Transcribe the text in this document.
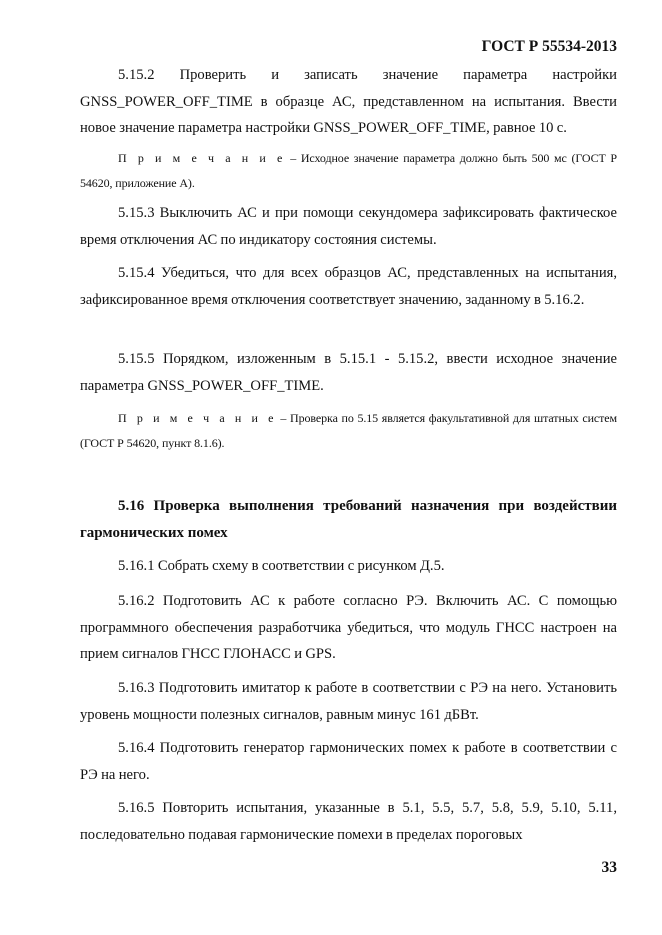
ГОСТ Р 55534-2013

5.15.2 Проверить и записать значение параметра настройки GNSS_POWER_OFF_TIME в образце АС, представленном на испытания. Ввести новое значение параметра настройки GNSS_POWER_OFF_TIME, равное 10 с.

П р и м е ч а н и е – Исходное значение параметра должно быть 500 мс (ГОСТ Р 54620, приложение А).

5.15.3 Выключить АС и при помощи секундомера зафиксировать фактическое время отключения АС по индикатору состояния системы.

5.15.4 Убедиться, что для всех образцов АС, представленных на испытания, зафиксированное время отключения соответствует значению, заданному в 5.16.2.

5.15.5 Порядком, изложенным в 5.15.1 - 5.15.2, ввести исходное значение параметра GNSS_POWER_OFF_TIME.

П р и м е ч а н и е – Проверка по 5.15 является факультативной для штатных систем (ГОСТ Р 54620, пункт 8.1.6).

5.16 Проверка выполнения требований назначения при воздействии гармонических помех

5.16.1 Собрать схему в соответствии с рисунком Д.5.

5.16.2 Подготовить АС к работе согласно РЭ. Включить АС. С помощью программного обеспечения разработчика убедиться, что модуль ГНСС настроен на прием сигналов ГНСС ГЛОНАСС и GPS.

5.16.3 Подготовить имитатор к работе в соответствии с РЭ на него. Установить уровень мощности полезных сигналов, равным минус 161 дБВт.

5.16.4 Подготовить генератор гармонических помех к работе в соответствии с РЭ на него.

5.16.5 Повторить испытания, указанные в 5.1, 5.5, 5.7, 5.8, 5.9, 5.10, 5.11, последовательно подавая гармонические помехи в пределах пороговых

33
